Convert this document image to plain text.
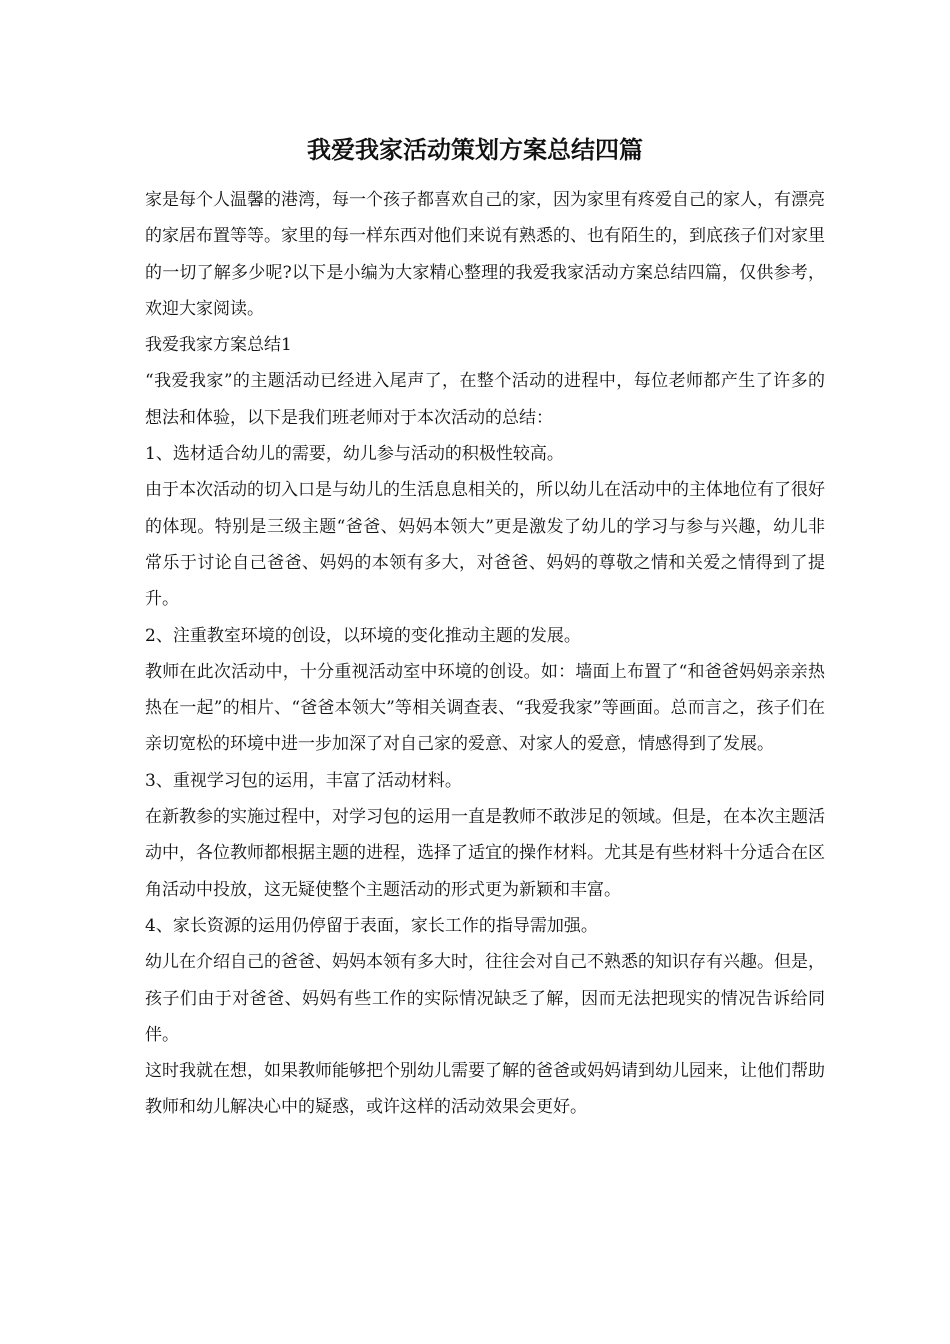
我爱我家活动策划方案总结四篇

家是每个人温馨的港湾，每一个孩子都喜欢自己的家，因为家里有疼爱自己的家人，有漂亮的家居布置等等。家里的每一样东西对他们来说有熟悉的、也有陌生的，到底孩子们对家里的一切了解多少呢?以下是小编为大家精心整理的我爱我家活动方案总结四篇，仅供参考，欢迎大家阅读。

我爱我家方案总结1

“我爱我家”的主题活动已经进入尾声了，在整个活动的进程中，每位老师都产生了许多的想法和体验，以下是我们班老师对于本次活动的总结：

1、选材适合幼儿的需要，幼儿参与活动的积极性较高。

由于本次活动的切入口是与幼儿的生活息息相关的，所以幼儿在活动中的主体地位有了很好的体现。特别是三级主题“爸爸、妈妈本领大”更是激发了幼儿的学习与参与兴趣，幼儿非常乐于讨论自己爸爸、妈妈的本领有多大，对爸爸、妈妈的尊敬之情和关爱之情得到了提升。

2、注重教室环境的创设，以环境的变化推动主题的发展。

教师在此次活动中，十分重视活动室中环境的创设。如：墙面上布置了“和爸爸妈妈亲亲热热在一起”的相片、“爸爸本领大”等相关调查表、“我爱我家”等画面。总而言之，孩子们在亲切宽松的环境中进一步加深了对自己家的爱意、对家人的爱意，情感得到了发展。

3、重视学习包的运用，丰富了活动材料。

在新教参的实施过程中，对学习包的运用一直是教师不敢涉足的领域。但是，在本次主题活动中，各位教师都根据主题的进程，选择了适宜的操作材料。尤其是有些材料十分适合在区角活动中投放，这无疑使整个主题活动的形式更为新颖和丰富。

4、家长资源的运用仍停留于表面，家长工作的指导需加强。

幼儿在介绍自己的爸爸、妈妈本领有多大时，往往会对自己不熟悉的知识存有兴趣。但是，孩子们由于对爸爸、妈妈有些工作的实际情况缺乏了解，因而无法把现实的情况告诉给同伴。

这时我就在想，如果教师能够把个别幼儿需要了解的爸爸或妈妈请到幼儿园来，让他们帮助教师和幼儿解决心中的疑惑，或许这样的活动效果会更好。
